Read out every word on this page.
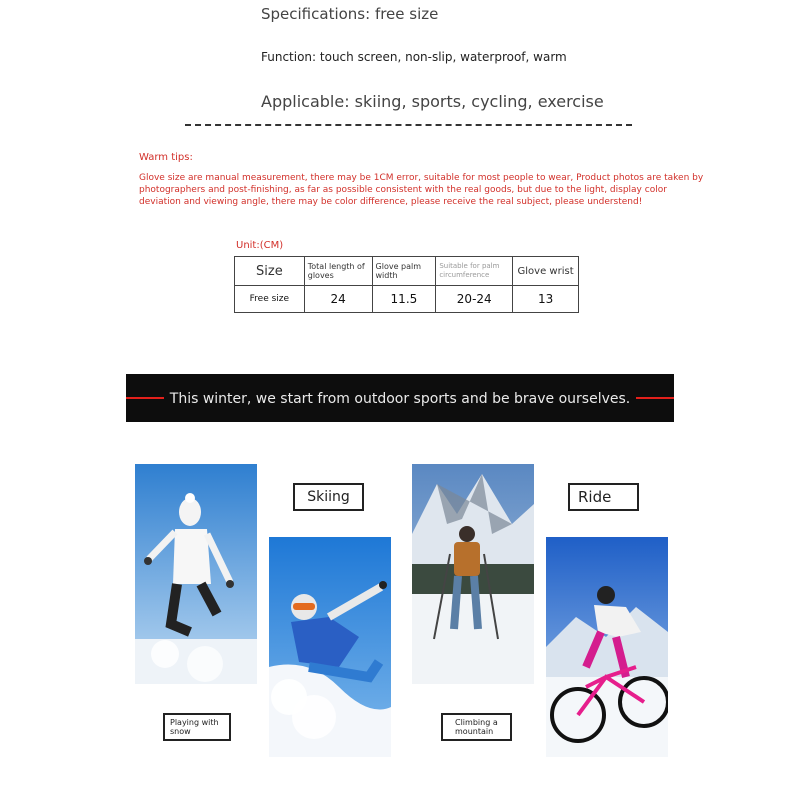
Specifications: free size
Function: touch screen, non-slip, waterproof, warm
Applicable: skiing, sports, cycling, exercise
Warm tips:
Glove size are manual measurement, there may be 1CM error, suitable for most people to wear, Product photos are taken by photographers and post-finishing, as far as possible consistent with the real goods, but due to the light, display color deviation and viewing angle, there may be color difference, please receive the real subject, please understend!
Unit:(CM)
Size	Total length of gloves	Glove palm width	Suitable for palm circumference	Glove wrist
Free size	24	11.5	20-24	13
This winter, we start from outdoor sports and be brave ourselves.
Skiing	Ride
Playing with snow
Climbing a mountain
